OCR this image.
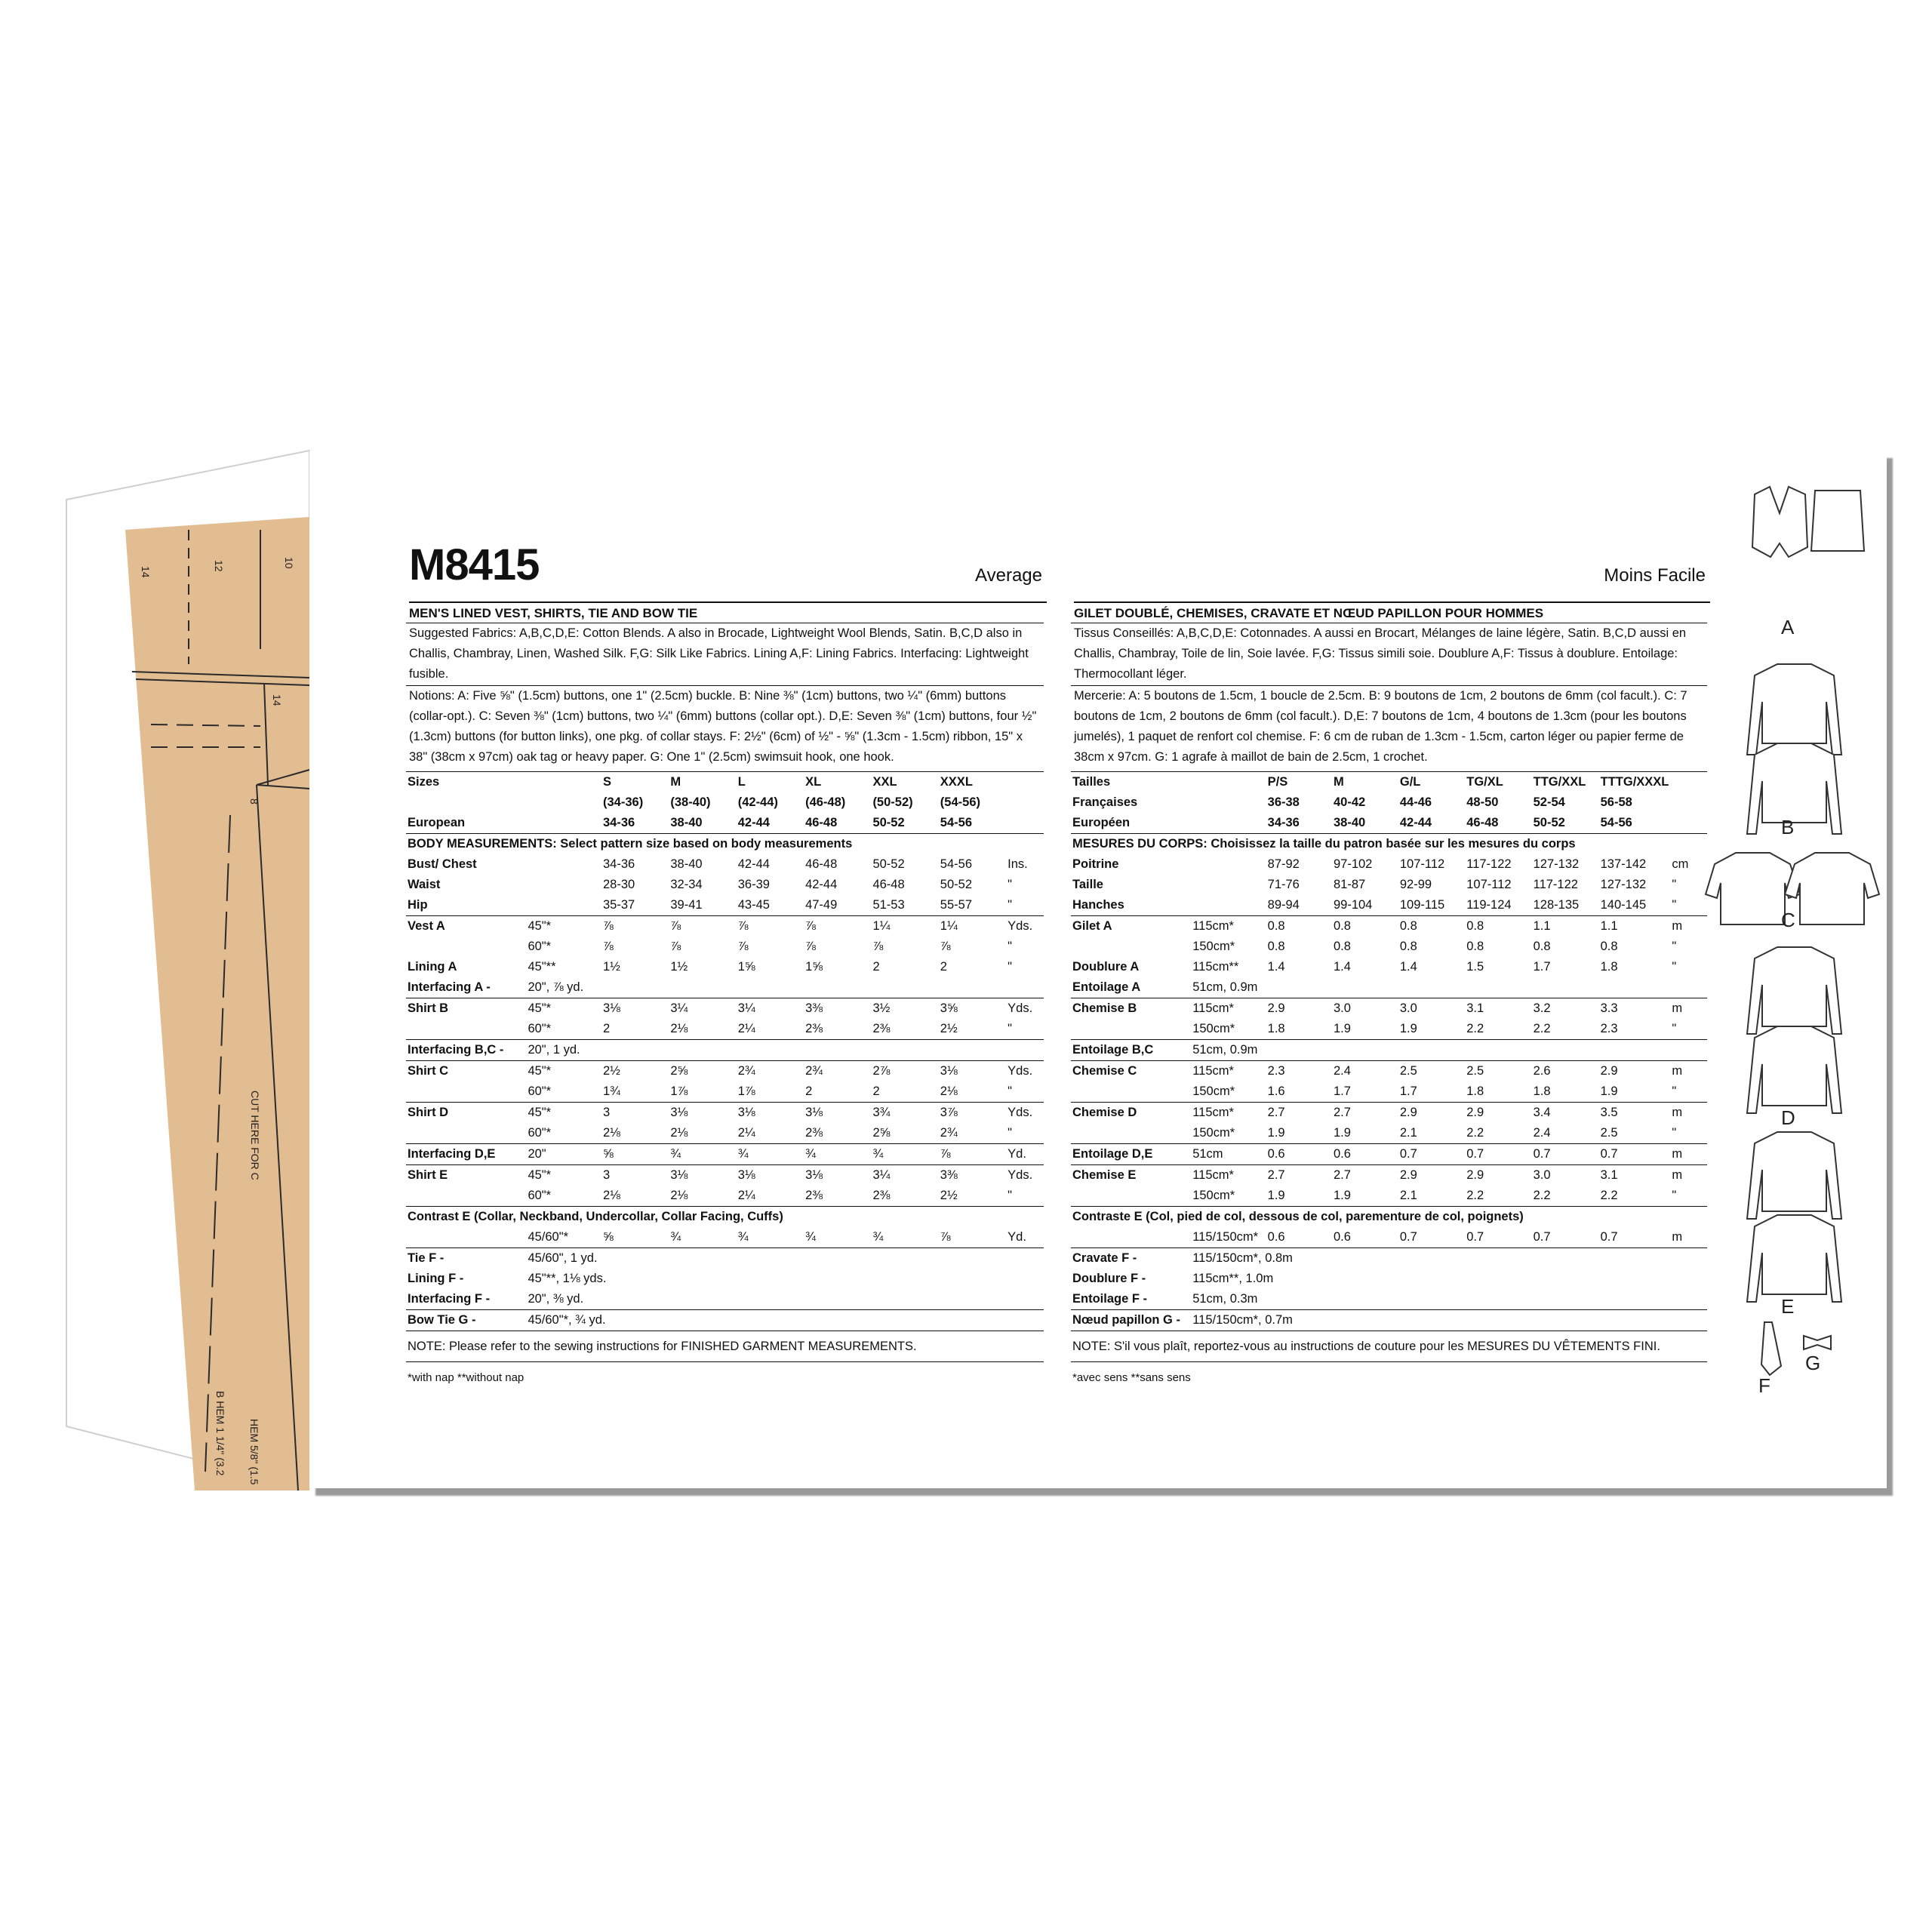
14
12	10
14
8
CUT HERE FOR C
HEM 5/8" (1.5
B HEM 1 1/4" (3.2
M8415	Average
MEN'S LINED VEST, SHIRTS, TIE AND BOW TIE
Suggested Fabrics: A,B,C,D,E: Cotton Blends. A also in Brocade, Lightweight Wool Blends, Satin. B,C,D also in Challis, Chambray, Linen, Washed Silk. F,G: Silk Like Fabrics. Lining A,F: Lining Fabrics. Interfacing: Lightweight fusible.
Notions: A: Five ⅝" (1.5cm) buttons, one 1" (2.5cm) buckle. B: Nine ⅜" (1cm) buttons, two ¼" (6mm) buttons (collar-opt.). C: Seven ⅜" (1cm) buttons, two ¼" (6mm) buttons (collar opt.). D,E: Seven ⅜" (1cm) buttons, four ½" (1.3cm) buttons (for button links), one pkg. of collar stays. F: 2½" (6cm) of ½" - ⅝" (1.3cm - 1.5cm) ribbon, 15" x 38" (38cm x 97cm) oak tag or heavy paper. G: One 1" (2.5cm) swimsuit hook, one hook.
Sizes		S	M	L	XL	XXL	XXXL	
		(34-36)	(38-40)	(42-44)	(46-48)	(50-52)	(54-56)	
European		34-36	38-40	42-44	46-48	50-52	54-56	
BODY MEASUREMENTS: Select pattern size based on body measurements								
Bust/ Chest		34-36	38-40	42-44	46-48	50-52	54-56	Ins.
Waist		28-30	32-34	36-39	42-44	46-48	50-52	"
Hip		35-37	39-41	43-45	47-49	51-53	55-57	"
Vest A	45"*	⅞	⅞	⅞	⅞	1¼	1¼	Yds.
	60"*	⅞	⅞	⅞	⅞	⅞	⅞	"
Lining A	45"**	1½	1½	1⅝	1⅝	2	2	"
Interfacing A -	20", ⅞ yd.							
Shirt B	45"*	3⅛	3¼	3¼	3⅜	3½	3⅝	Yds.
	60"*	2	2⅛	2¼	2⅜	2⅜	2½	"
Interfacing B,C -	20", 1 yd.							
Shirt C	45"*	2½	2⅝	2¾	2¾	2⅞	3⅛	Yds.
	60"*	1¾	1⅞	1⅞	2	2	2⅛	"
Shirt D	45"*	3	3⅛	3⅛	3⅛	3¾	3⅞	Yds.
	60"*	2⅛	2⅛	2¼	2⅜	2⅝	2¾	"
Interfacing D,E	20"	⅝	¾	¾	¾	¾	⅞	Yd.
Shirt E	45"*	3	3⅛	3⅛	3⅛	3¼	3⅜	Yds.
	60"*	2⅛	2⅛	2¼	2⅜	2⅜	2½	"
Contrast E (Collar, Neckband, Undercollar, Collar Facing, Cuffs)								
	45/60"*	⅝	¾	¾	¾	¾	⅞	Yd.
Tie F -	45/60", 1 yd.							
Lining F -	45"**, 1⅛ yds.							
Interfacing F -	20", ⅜ yd.							
Bow Tie G -	45/60"*, ¾ yd.							
NOTE: Please refer to the sewing instructions for FINISHED GARMENT MEASUREMENTS.								
*with nap **without nap								
Moins Facile
GILET DOUBLÉ, CHEMISES, CRAVATE ET NŒUD PAPILLON POUR HOMMES
Tissus Conseillés: A,B,C,D,E: Cotonnades. A aussi en Brocart, Mélanges de laine légère, Satin. B,C,D aussi en Challis, Chambray, Toile de lin, Soie lavée. F,G: Tissus simili soie. Doublure A,F: Tissus à doublure. Entoilage: Thermocollant léger.
Mercerie: A: 5 boutons de 1.5cm, 1 boucle de 2.5cm. B: 9 boutons de 1cm, 2 boutons de 6mm (col facult.). C: 7 boutons de 1cm, 2 boutons de 6mm (col facult.). D,E: 7 boutons de 1cm, 4 boutons de 1.3cm (pour les boutons jumelés), 1 paquet de renfort col chemise. F: 6 cm de ruban de 1.3cm - 1.5cm, carton léger ou papier ferme de 38cm x 97cm. G: 1 agrafe à maillot de bain de 2.5cm, 1 crochet.
Tailles		P/S	M	G/L	TG/XL	TTG/XXL	TTTG/XXXL	
Françaises		36-38	40-42	44-46	48-50	52-54	56-58	
Européen		34-36	38-40	42-44	46-48	50-52	54-56	
MESURES DU CORPS: Choisissez la taille du patron basée sur les mesures du corps								
Poitrine		87-92	97-102	107-112	117-122	127-132	137-142	cm
Taille		71-76	81-87	92-99	107-112	117-122	127-132	"
Hanches		89-94	99-104	109-115	119-124	128-135	140-145	"
Gilet A	115cm*	0.8	0.8	0.8	0.8	1.1	1.1	m
	150cm*	0.8	0.8	0.8	0.8	0.8	0.8	"
Doublure A	115cm**	1.4	1.4	1.4	1.5	1.7	1.8	"
Entoilage A	51cm, 0.9m							
Chemise B	115cm*	2.9	3.0	3.0	3.1	3.2	3.3	m
	150cm*	1.8	1.9	1.9	2.2	2.2	2.3	"
Entoilage B,C	51cm, 0.9m							
Chemise C	115cm*	2.3	2.4	2.5	2.5	2.6	2.9	m
	150cm*	1.6	1.7	1.7	1.8	1.8	1.9	"
Chemise D	115cm*	2.7	2.7	2.9	2.9	3.4	3.5	m
	150cm*	1.9	1.9	2.1	2.2	2.4	2.5	"
Entoilage D,E	51cm	0.6	0.6	0.7	0.7	0.7	0.7	m
Chemise E	115cm*	2.7	2.7	2.9	2.9	3.0	3.1	m
	150cm*	1.9	1.9	2.1	2.2	2.2	2.2	"
Contraste E (Col, pied de col, dessous de col, parementure de col, poignets)								
	115/150cm*	0.6	0.6	0.7	0.7	0.7	0.7	m
Cravate F -	115/150cm*, 0.8m							
Doublure F -	115cm**, 1.0m							
Entoilage F -	51cm, 0.3m							
Nœud papillon G -	115/150cm*, 0.7m							
NOTE: S'il vous plaît, reportez-vous au instructions de couture pour les MESURES DU VÊTEMENTS FINI.								
*avec sens **sans sens								
A
B
C
D
E
F
G
